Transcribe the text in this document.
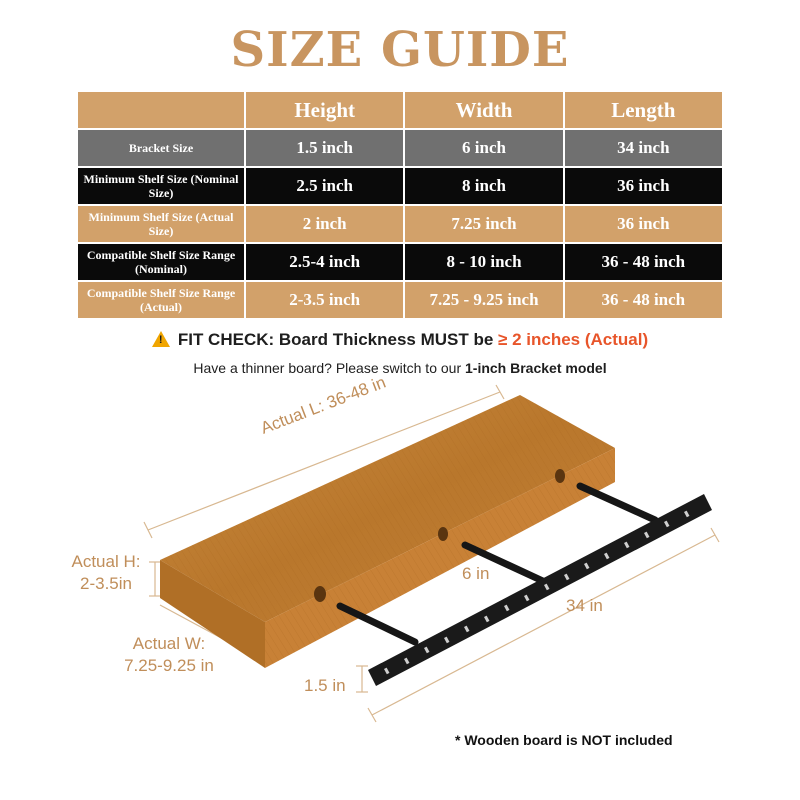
SIZE GUIDE
	Height	Width	Length
Bracket Size	1.5 inch	6 inch	34 inch
Minimum Shelf Size (Nominal Size)	2.5 inch	8 inch	36 inch
Minimum Shelf Size (Actual Size)	2 inch	7.25 inch	36 inch
Compatible Shelf Size Range (Nominal)	2.5-4 inch	8 - 10 inch	36 - 48 inch
Compatible Shelf Size Range (Actual)	2-3.5 inch	7.25 - 9.25 inch	36 - 48 inch
! FIT CHECK: Board Thickness MUST be ≥ 2 inches (Actual)
Have a thinner board? Please switch to our 1-inch Bracket model
Actual L: 36-48 in
Actual H:
2-3.5in
Actual W:
7.25-9.25 in
6 in
34 in
1.5 in
* Wooden board is NOT included
